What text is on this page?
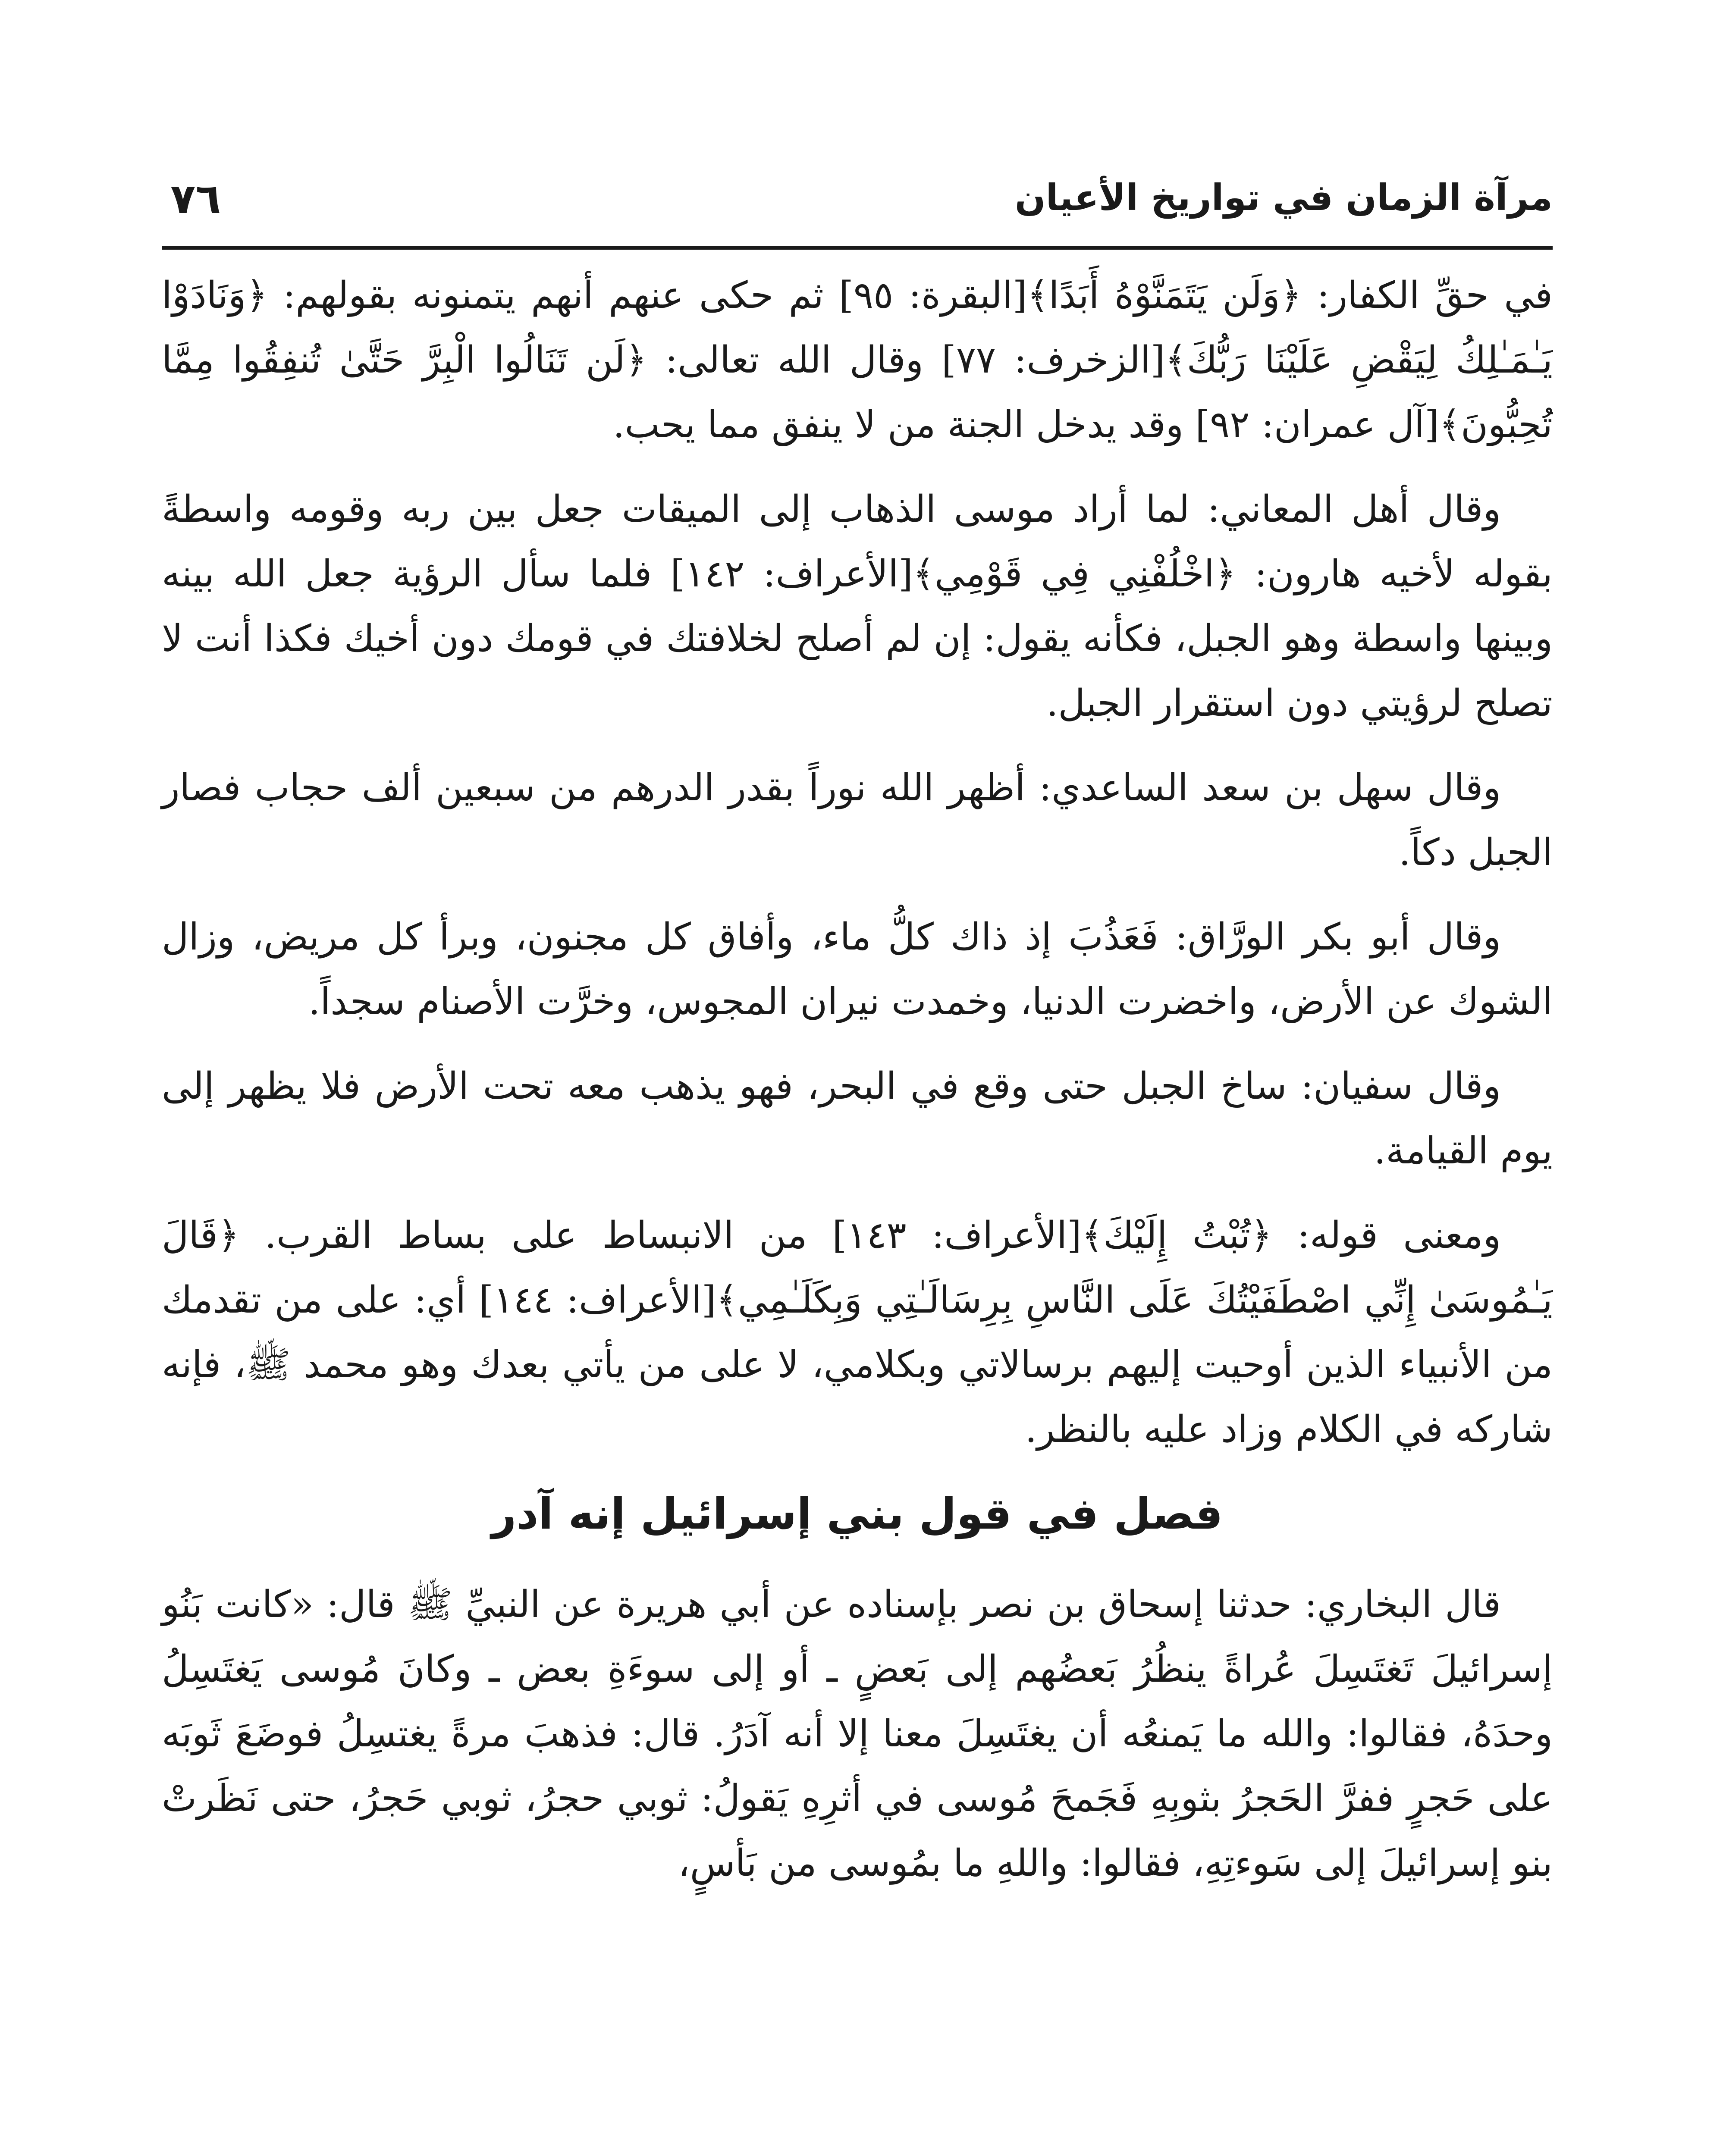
٧٦	مرآة الزمان في تواريخ الأعيان

في حقِّ الكفار: ﴿وَلَن يَتَمَنَّوْهُ أَبَدًا﴾[البقرة: ٩٥] ثم حكى عنهم أنهم يتمنونه بقولهم: ﴿وَنَادَوْا يَـٰمَـٰلِكُ لِيَقْضِ عَلَيْنَا رَبُّكَ﴾[الزخرف: ٧٧] وقال الله تعالى: ﴿لَن تَنَالُوا الْبِرَّ حَتَّىٰ تُنفِقُوا مِمَّا تُحِبُّونَ﴾[آل عمران: ٩٢] وقد يدخل الجنة من لا ينفق مما يحب.

وقال أهل المعاني: لما أراد موسى الذهاب إلى الميقات جعل بين ربه وقومه واسطةً بقوله لأخيه هارون: ﴿اخْلُفْنِي فِي قَوْمِي﴾[الأعراف: ١٤٢] فلما سأل الرؤية جعل الله بينه وبينها واسطة وهو الجبل، فكأنه يقول: إن لم أصلح لخلافتك في قومك دون أخيك فكذا أنت لا تصلح لرؤيتي دون استقرار الجبل.

وقال سهل بن سعد الساعدي: أظهر الله نوراً بقدر الدرهم من سبعين ألف حجاب فصار الجبل دكاً.

وقال أبو بكر الورَّاق: فَعَذُبَ إذ ذاك كلُّ ماء، وأفاق كل مجنون، وبرأ كل مريض، وزال الشوك عن الأرض، واخضرت الدنيا، وخمدت نيران المجوس، وخرَّت الأصنام سجداً.

وقال سفيان: ساخ الجبل حتى وقع في البحر، فهو يذهب معه تحت الأرض فلا يظهر إلى يوم القيامة.

ومعنى قوله: ﴿تُبْتُ إِلَيْكَ﴾[الأعراف: ١٤٣] من الانبساط على بساط القرب. ﴿قَالَ يَـٰمُوسَىٰ إِنِّي اصْطَفَيْتُكَ عَلَى النَّاسِ بِرِسَالَـٰتِي وَبِكَلَـٰمِي﴾[الأعراف: ١٤٤] أي: على من تقدمك من الأنبياء الذين أوحيت إليهم برسالاتي وبكلامي، لا على من يأتي بعدك وهو محمد ﷺ، فإنه شاركه في الكلام وزاد عليه بالنظر.

فصل في قول بني إسرائيل إنه آدر

قال البخاري: حدثنا إسحاق بن نصر بإسناده عن أبي هريرة عن النبيِّ ﷺ قال: «كانت بَنُو إسرائيلَ تَغتَسِلَ عُراةً ينظُرُ بَعضُهم إلى بَعضٍ ـ أو إلى سوءَةِ بعض ـ وكانَ مُوسى يَغتَسِلُ وحدَهُ، فقالوا: والله ما يَمنعُه أن يغتَسِلَ معنا إلا أنه آدَرُ. قال: فذهبَ مرةً يغتسِلُ فوضَعَ ثَوبَه على حَجرٍ ففرَّ الحَجرُ بثوبِهِ فَجَمحَ مُوسى في أثرِهِ يَقولُ: ثوبي حجرُ، ثوبي حَجرُ، حتى نَظَرتْ بنو إسرائيلَ إلى سَوءتِهِ، فقالوا: واللهِ ما بمُوسى من بَأسٍ،
